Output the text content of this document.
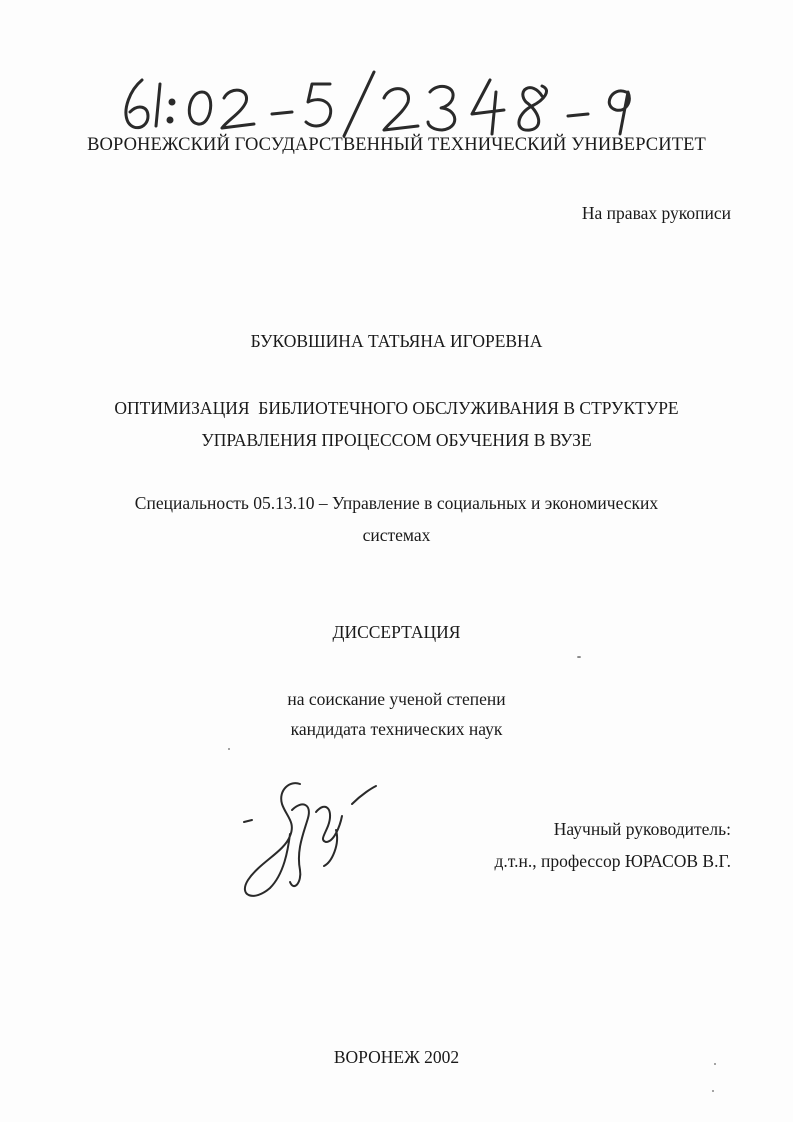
ВОРОНЕЖСКИЙ ГОСУДАРСТВЕННЫЙ ТЕХНИЧЕСКИЙ УНИВЕРСИТЕТ
На правах рукописи
БУКОВШИНА ТАТЬЯНА ИГОРЕВНА
ОПТИМИЗАЦИЯ  БИБЛИОТЕЧНОГО ОБСЛУЖИВАНИЯ В СТРУКТУРЕ
УПРАВЛЕНИЯ ПРОЦЕССОМ ОБУЧЕНИЯ В ВУЗЕ
Специальность 05.13.10 – Управление в социальных и экономических
системах
ДИССЕРТАЦИЯ
на соискание ученой степени
кандидата технических наук
Научный руководитель:
д.т.н., профессор ЮРАСОВ В.Г.
ВОРОНЕЖ 2002
